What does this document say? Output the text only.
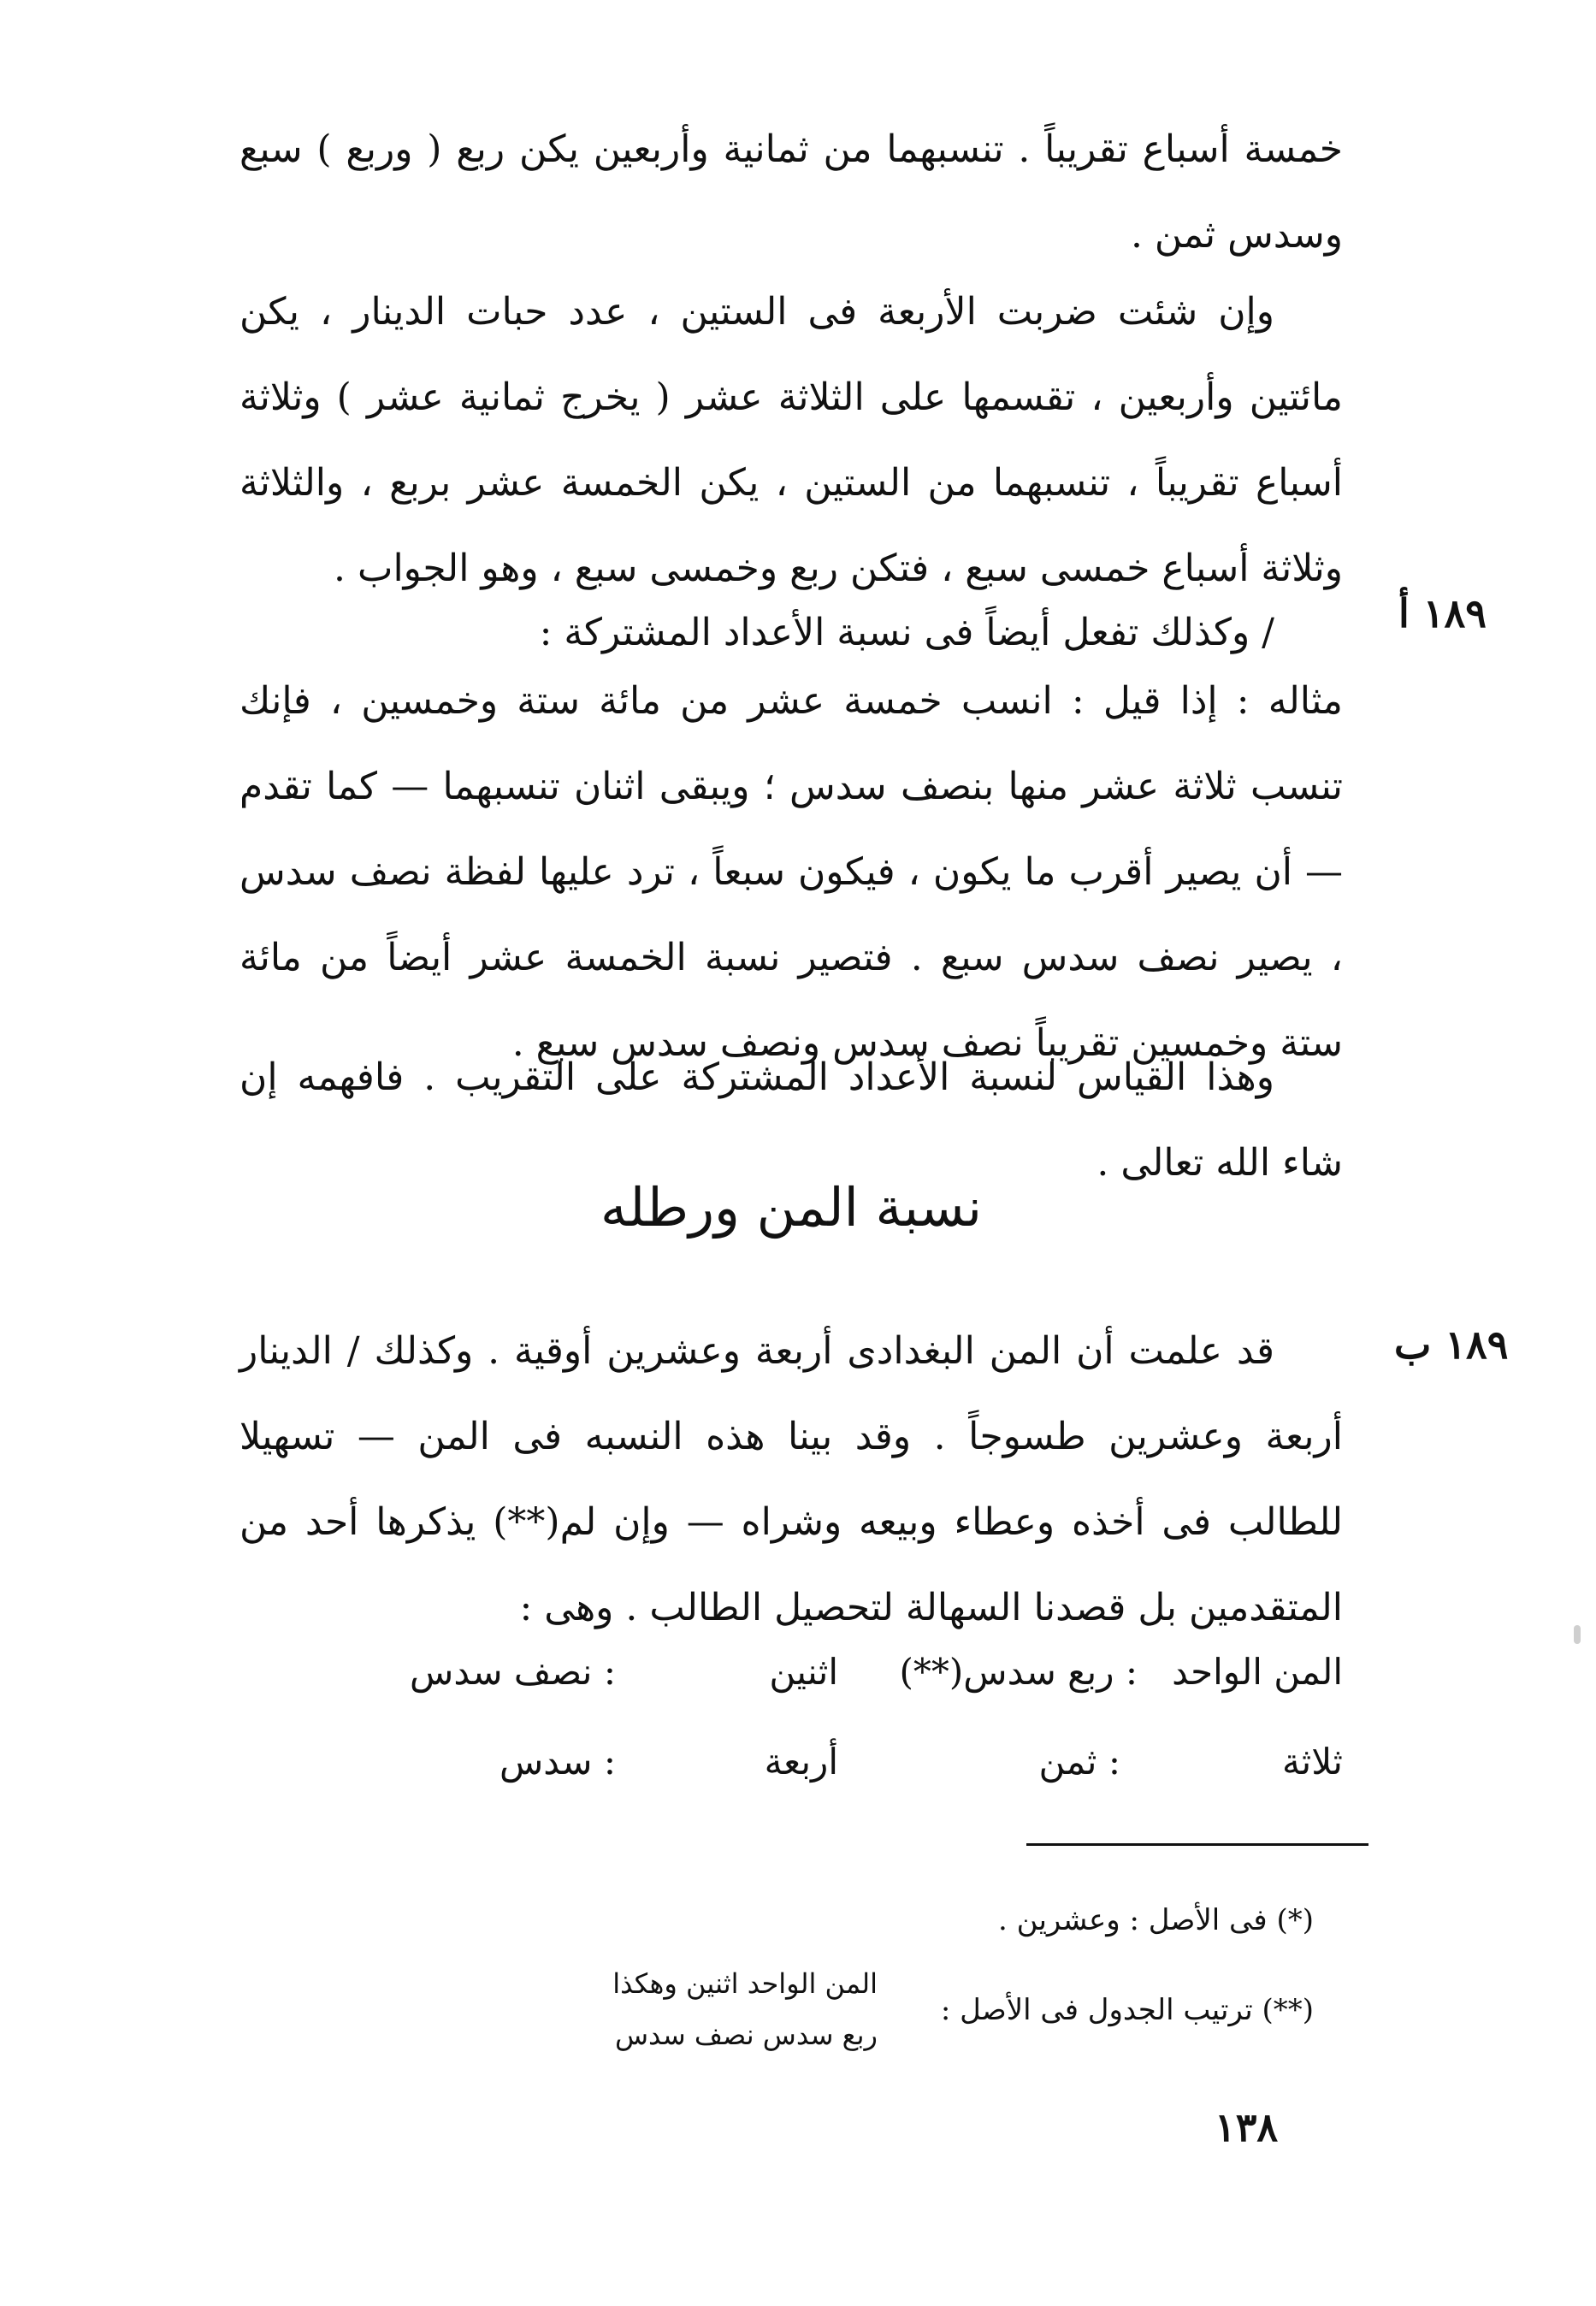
خمسة أسباع تقريباً . تنسبهما من ثمانية وأربعين يكن ربع ( وربع ) سبع وسدس ثمن .

وإن شئت ضربت الأربعة فى الستين ، عدد حبات الدينار ، يكن مائتين وأربعين ، تقسمها على الثلاثة عشر ( يخرج ثمانية عشر ) وثلاثة أسباع تقريباً ، تنسبهما من الستين ، يكن الخمسة عشر بربع ، والثلاثة وثلاثة أسباع خمسى سبع ، فتكن ربع وخمسى سبع ، وهو الجواب .

١٨٩ أ

/ وكذلك تفعل أيضاً فى نسبة الأعداد المشتركة :

مثاله : إذا قيل : انسب خمسة عشر من مائة ستة وخمسين ، فإنك تنسب ثلاثة عشر منها بنصف سدس ؛ ويبقى اثنان تنسبهما — كما تقدم — أن يصير أقرب ما يكون ، فيكون سبعاً ، ترد عليها لفظة نصف سدس ، يصير نصف سدس سبع . فتصير نسبة الخمسة عشر أيضاً من مائة ستة وخمسين تقريباً نصف سدس ونصف سدس سبع .

وهذا القياس لنسبة الأعداد المشتركة على التقريب . فافهمه إن شاء الله تعالى .

نسبة المن ورطله
١٨٩ ب

قد علمت أن المن البغدادى أربعة وعشرين أوقية . وكذلك / الدينار أربعة وعشرين طسوجاً . وقد بينا هذه النسبه فى المن — تسهيلا للطالب فى أخذه وعطاء وبيعه وشراه — وإن لم(**) يذكرها أحد من المتقدمين بل قصدنا السهالة لتحصيل الطالب . وهى :

المن الواحد
: ربع سدس(**)
اثنين
: نصف سدس
ثلاثة
: ثمن
أربعة
: سدس
(*) فى الأصل : وعشرين .
(**) ترتيب الجدول فى الأصل :
المن الواحد اثنين وهكذا
ربع سدس نصف سدس
١٣٨
